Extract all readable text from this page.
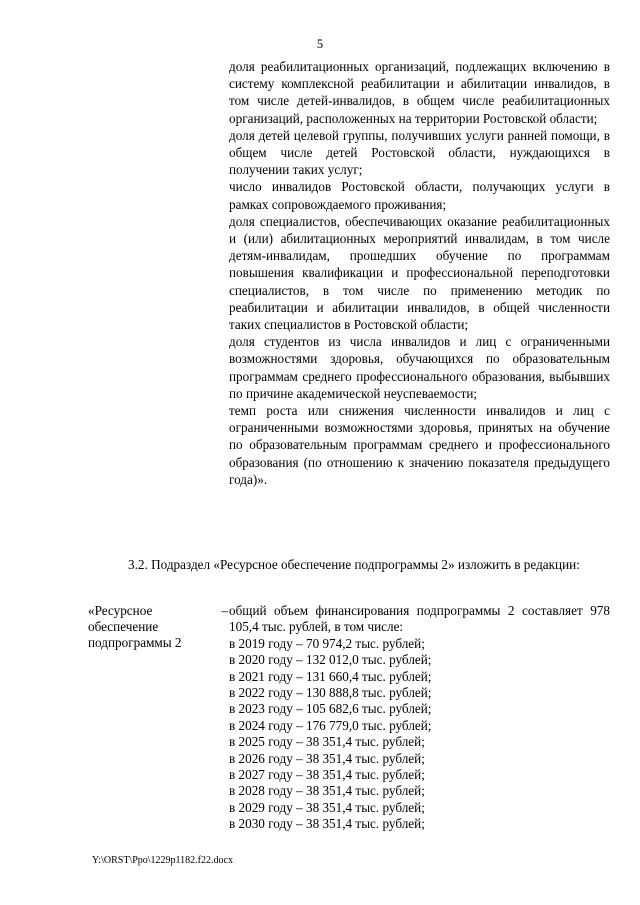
5

доля реабилитационных организаций, подлежащих включению в систему комплексной реабилитации и абилитации инвалидов, в том числе детей-инвалидов, в общем числе реабилитационных организаций, расположенных на территории Ростовской области;

доля детей целевой группы, получивших услуги ранней помощи, в общем числе детей Ростовской области, нуждающихся в получении таких услуг;

число инвалидов Ростовской области, получающих услуги в рамках сопровождаемого проживания;

доля специалистов, обеспечивающих оказание реабилитационных и (или) абилитационных мероприятий инвалидам, в том числе детям-инвалидам, прошедших обучение по программам повышения квалификации и профессиональной переподготовки специалистов, в том числе по применению методик по реабилитации и абилитации инвалидов, в общей численности таких специалистов в Ростовской области;

доля студентов из числа инвалидов и лиц с ограниченными возможностями здоровья, обучающихся по образовательным программам среднего профессионального образования, выбывших по причине академической неуспеваемости;

темп роста или снижения численности инвалидов и лиц с ограниченными возможностями здоровья, принятых на обучение по образовательным программам среднего и профессионального образования (по отношению к значению показателя предыдущего года)».

3.2. Подраздел «Ресурсное обеспечение подпрограммы 2» изложить в редакции:
«Ресурсное	–
обеспечение
подпрограммы 2

общий объем финансирования подпрограммы 2 составляет 978 105,4 тыс. рублей, в том числе:

в 2019 году – 70 974,2 тыс. рублей;

в 2020 году – 132 012,0 тыс. рублей;

в 2021 году – 131 660,4 тыс. рублей;

в 2022 году – 130 888,8 тыс. рублей;

в 2023 году – 105 682,6 тыс. рублей;

в 2024 году – 176 779,0 тыс. рублей;

в 2025 году – 38 351,4 тыс. рублей;

в 2026 году – 38 351,4 тыс. рублей;

в 2027 году – 38 351,4 тыс. рублей;

в 2028 году – 38 351,4 тыс. рублей;

в 2029 году – 38 351,4 тыс. рублей;

в 2030 году – 38 351,4 тыс. рублей;

Y:\ORST\Ppo\1229p1182.f22.docx
